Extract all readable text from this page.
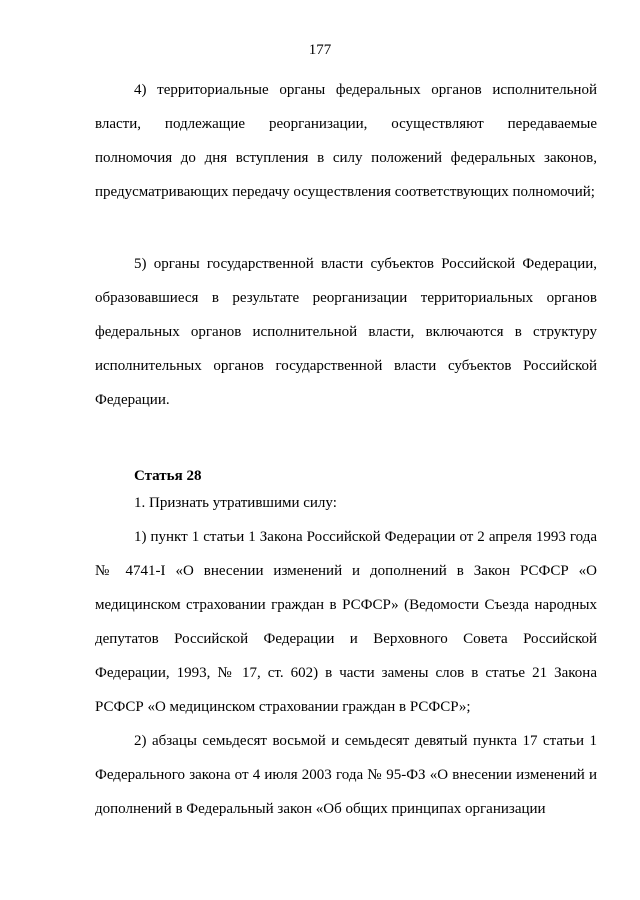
177

4) территориальные органы федеральных органов исполнительной власти, подлежащие реорганизации, осуществляют передаваемые полномочия до дня вступления в силу положений федеральных законов, предусматривающих передачу осуществления соответствующих полномочий;

5) органы государственной власти субъектов Российской Федерации, образовавшиеся в результате реорганизации территориальных органов федеральных органов исполнительной власти, включаются в структуру исполнительных органов государственной власти субъектов Российской Федерации.

Статья 28

1. Признать утратившими силу:

1) пункт 1 статьи 1 Закона Российской Федерации от 2 апреля 1993 года № 4741-I «О внесении изменений и дополнений в Закон РСФСР «О медицинском страховании граждан в РСФСР» (Ведомости Съезда народных депутатов Российской Федерации и Верховного Совета Российской Федерации, 1993, № 17, ст. 602) в части замены слов в статье 21 Закона РСФСР «О медицинском страховании граждан в РСФСР»;

2) абзацы семьдесят восьмой и семьдесят девятый пункта 17 статьи 1 Федерального закона от 4 июля 2003 года № 95-ФЗ «О внесении изменений и дополнений в Федеральный закон «Об общих принципах организации
